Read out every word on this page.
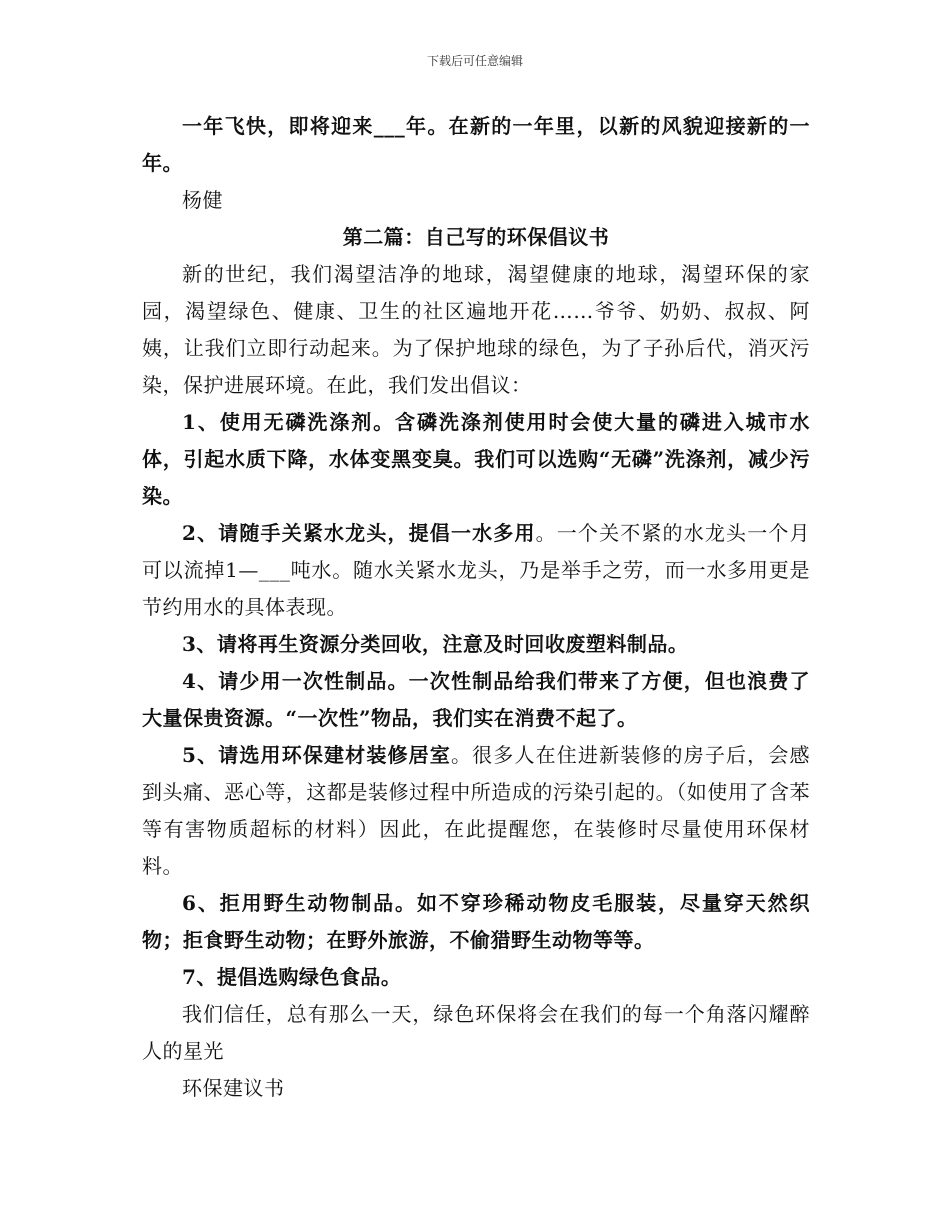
下载后可任意编辑

一年飞快，即将迎来___年。在新的一年里，以新的风貌迎接新的一年。

杨健

第二篇：自己写的环保倡议书

新的世纪，我们渴望洁净的地球，渴望健康的地球，渴望环保的家园，渴望绿色、健康、卫生的社区遍地开花……爷爷、奶奶、叔叔、阿姨，让我们立即行动起来。为了保护地球的绿色，为了子孙后代，消灭污染，保护进展环境。在此，我们发出倡议：

1、使用无磷洗涤剂。含磷洗涤剂使用时会使大量的磷进入城市水体，引起水质下降，水体变黑变臭。我们可以选购“无磷”洗涤剂，减少污染。

2、请随手关紧水龙头，提倡一水多用。一个关不紧的水龙头一个月可以流掉1—___吨水。随水关紧水龙头，乃是举手之劳，而一水多用更是节约用水的具体表现。

3、请将再生资源分类回收，注意及时回收废塑料制品。

4、请少用一次性制品。一次性制品给我们带来了方便，但也浪费了大量保贵资源。“一次性”物品，我们实在消费不起了。

5、请选用环保建材装修居室。很多人在住进新装修的房子后，会感到头痛、恶心等，这都是装修过程中所造成的污染引起的。（如使用了含苯等有害物质超标的材料）因此，在此提醒您，在装修时尽量使用环保材料。

6、拒用野生动物制品。如不穿珍稀动物皮毛服装，尽量穿天然织物；拒食野生动物；在野外旅游，不偷猎野生动物等等。

7、提倡选购绿色食品。

我们信任，总有那么一天，绿色环保将会在我们的每一个角落闪耀醉人的星光

环保建议书
